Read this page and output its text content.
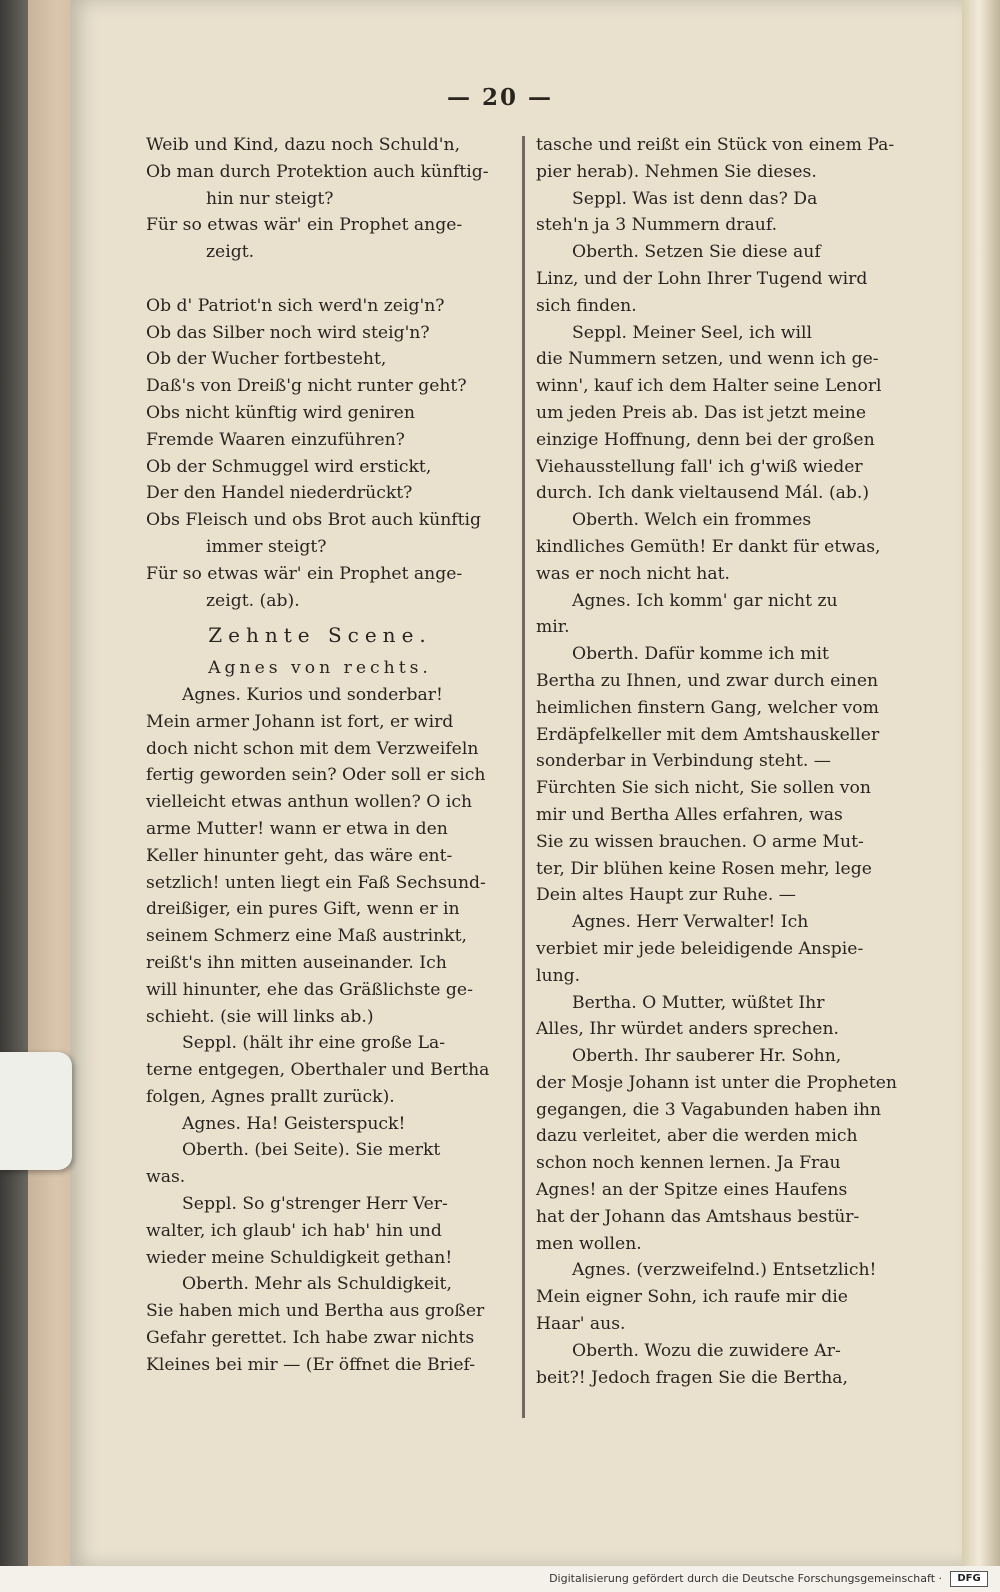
— 20 —
Weib und Kind, dazu noch Schuld'n,
Ob man durch Protektion auch künftig-
hin nur steigt?
Für so etwas wär' ein Prophet ange-
zeigt.

Ob d' Patriot'n sich werd'n zeig'n?
Ob das Silber noch wird steig'n?
Ob der Wucher fortbesteht,
Daß's von Dreiß'g nicht runter geht?
Obs nicht künftig wird geniren
Fremde Waaren einzuführen?
Ob der Schmuggel wird erstickt,
Der den Handel niederdrückt?
Obs Fleisch und obs Brot auch künftig
immer steigt?
Für so etwas wär' ein Prophet ange-
zeigt. (ab).
Zehnte Scene.
Agnes von rechts.
Agnes. Kurios und sonderbar!
Mein armer Johann ist fort, er wird
doch nicht schon mit dem Verzweifeln
fertig geworden sein? Oder soll er sich
vielleicht etwas anthun wollen? O ich
arme Mutter! wann er etwa in den
Keller hinunter geht, das wäre ent-
setzlich! unten liegt ein Faß Sechsund-
dreißiger, ein pures Gift, wenn er in
seinem Schmerz eine Maß austrinkt,
reißt's ihn mitten auseinander. Ich
will hinunter, ehe das Gräßlichste ge-
schieht. (sie will links ab.)
Seppl. (hält ihr eine große La-
terne entgegen, Oberthaler und Bertha
folgen, Agnes prallt zurück).
Agnes. Ha! Geisterspuck!
Oberth. (bei Seite). Sie merkt
was.
Seppl. So g'strenger Herr Ver-
walter, ich glaub' ich hab' hin und
wieder meine Schuldigkeit gethan!
Oberth. Mehr als Schuldigkeit,
Sie haben mich und Bertha aus großer
Gefahr gerettet. Ich habe zwar nichts
Kleines bei mir — (Er öffnet die Brief-
tasche und reißt ein Stück von einem Pa-
pier herab). Nehmen Sie dieses.
Seppl. Was ist denn das? Da
steh'n ja 3 Nummern drauf.
Oberth. Setzen Sie diese auf
Linz, und der Lohn Ihrer Tugend wird
sich finden.
Seppl. Meiner Seel, ich will
die Nummern setzen, und wenn ich ge-
winn', kauf ich dem Halter seine Lenorl
um jeden Preis ab. Das ist jetzt meine
einzige Hoffnung, denn bei der großen
Viehausstellung fall' ich g'wiß wieder
durch. Ich dank vieltausend Mál. (ab.)
Oberth. Welch ein frommes
kindliches Gemüth! Er dankt für etwas,
was er noch nicht hat.
Agnes. Ich komm' gar nicht zu
mir.
Oberth. Dafür komme ich mit
Bertha zu Ihnen, und zwar durch einen
heimlichen finstern Gang, welcher vom
Erdäpfelkeller mit dem Amtshauskeller
sonderbar in Verbindung steht. —
Fürchten Sie sich nicht, Sie sollen von
mir und Bertha Alles erfahren, was
Sie zu wissen brauchen. O arme Mut-
ter, Dir blühen keine Rosen mehr, lege
Dein altes Haupt zur Ruhe. —
Agnes. Herr Verwalter! Ich
verbiet mir jede beleidigende Anspie-
lung.
Bertha. O Mutter, wüßtet Ihr
Alles, Ihr würdet anders sprechen.
Oberth. Ihr sauberer Hr. Sohn,
der Mosje Johann ist unter die Propheten
gegangen, die 3 Vagabunden haben ihn
dazu verleitet, aber die werden mich
schon noch kennen lernen. Ja Frau
Agnes! an der Spitze eines Haufens
hat der Johann das Amtshaus bestür-
men wollen.
Agnes. (verzweifelnd.) Entsetzlich!
Mein eigner Sohn, ich raufe mir die
Haar' aus.
Oberth. Wozu die zuwidere Ar-
beit?! Jedoch fragen Sie die Bertha,
Digitalisierung gefördert durch die Deutsche Forschungsgemeinschaft ·	DFG
